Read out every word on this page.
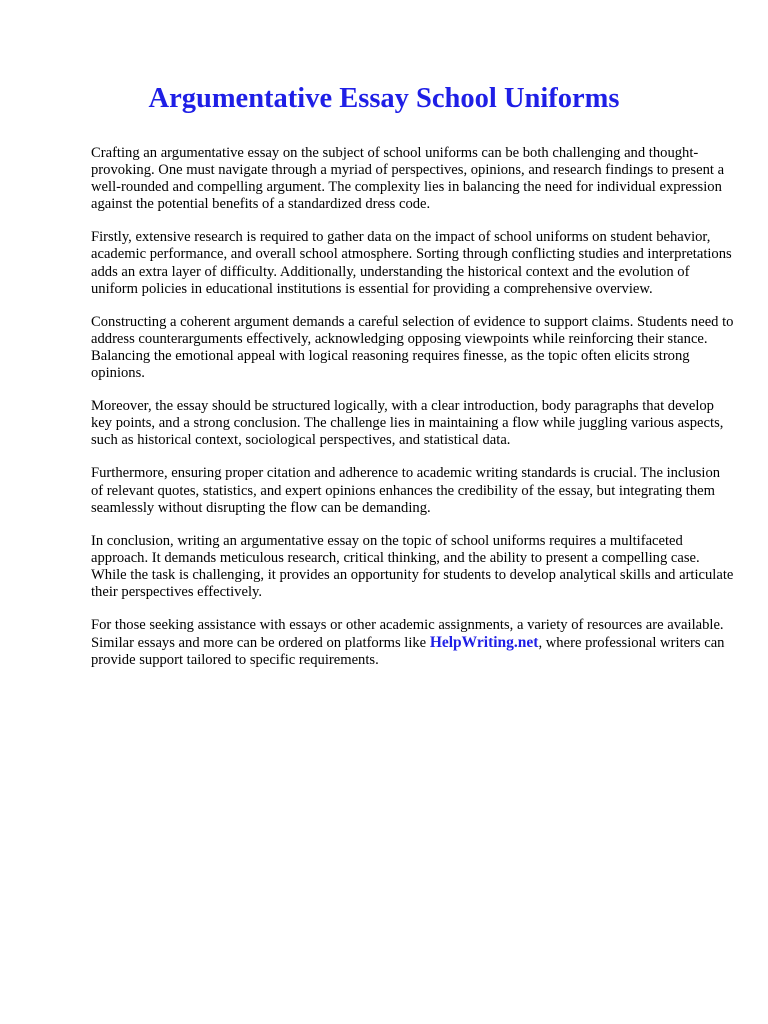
Argumentative Essay School Uniforms

Crafting an argumentative essay on the subject of school uniforms can be both challenging and thought-provoking. One must navigate through a myriad of perspectives, opinions, and research findings to present a well-rounded and compelling argument. The complexity lies in balancing the need for individual expression against the potential benefits of a standardized dress code.

Firstly, extensive research is required to gather data on the impact of school uniforms on student behavior, academic performance, and overall school atmosphere. Sorting through conflicting studies and interpretations adds an extra layer of difficulty. Additionally, understanding the historical context and the evolution of uniform policies in educational institutions is essential for providing a comprehensive overview.

Constructing a coherent argument demands a careful selection of evidence to support claims. Students need to address counterarguments effectively, acknowledging opposing viewpoints while reinforcing their stance. Balancing the emotional appeal with logical reasoning requires finesse, as the topic often elicits strong opinions.

Moreover, the essay should be structured logically, with a clear introduction, body paragraphs that develop key points, and a strong conclusion. The challenge lies in maintaining a flow while juggling various aspects, such as historical context, sociological perspectives, and statistical data.

Furthermore, ensuring proper citation and adherence to academic writing standards is crucial. The inclusion of relevant quotes, statistics, and expert opinions enhances the credibility of the essay, but integrating them seamlessly without disrupting the flow can be demanding.

In conclusion, writing an argumentative essay on the topic of school uniforms requires a multifaceted approach. It demands meticulous research, critical thinking, and the ability to present a compelling case. While the task is challenging, it provides an opportunity for students to develop analytical skills and articulate their perspectives effectively.

For those seeking assistance with essays or other academic assignments, a variety of resources are available. Similar essays and more can be ordered on platforms like HelpWriting.net, where professional writers can provide support tailored to specific requirements.
